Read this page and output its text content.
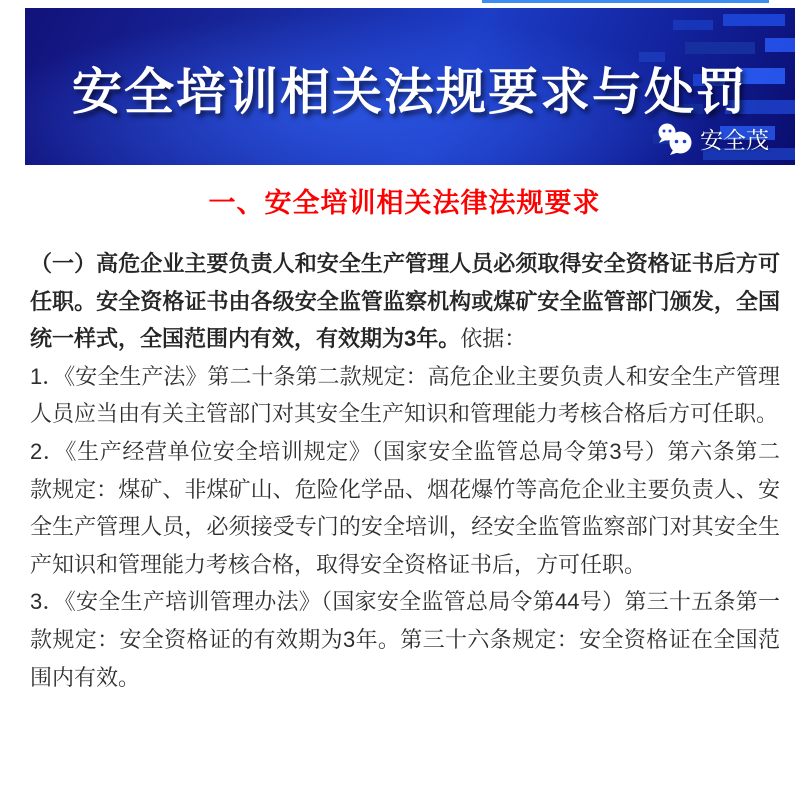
安全培训相关法规要求与处罚
安全茂
一、安全培训相关法律法规要求

（一）高危企业主要负责人和安全生产管理人员必须取得安全资格证书后方可任职。安全资格证书由各级安全监管监察机构或煤矿安全监管部门颁发，全国统一样式，全国范围内有效，有效期为3年。依据：

1．《安全生产法》第二十条第二款规定：高危企业主要负责人和安全生产管理人员应当由有关主管部门对其安全生产知识和管理能力考核合格后方可任职。

2．《生产经营单位安全培训规定》（国家安全监管总局令第3号）第六条第二款规定：煤矿、非煤矿山、危险化学品、烟花爆竹等高危企业主要负责人、安全生产管理人员，必须接受专门的安全培训，经安全监管监察部门对其安全生产知识和管理能力考核合格，取得安全资格证书后，方可任职。

3．《安全生产培训管理办法》（国家安全监管总局令第44号）第三十五条第一款规定：安全资格证的有效期为3年。第三十六条规定：安全资格证在全国范围内有效。
